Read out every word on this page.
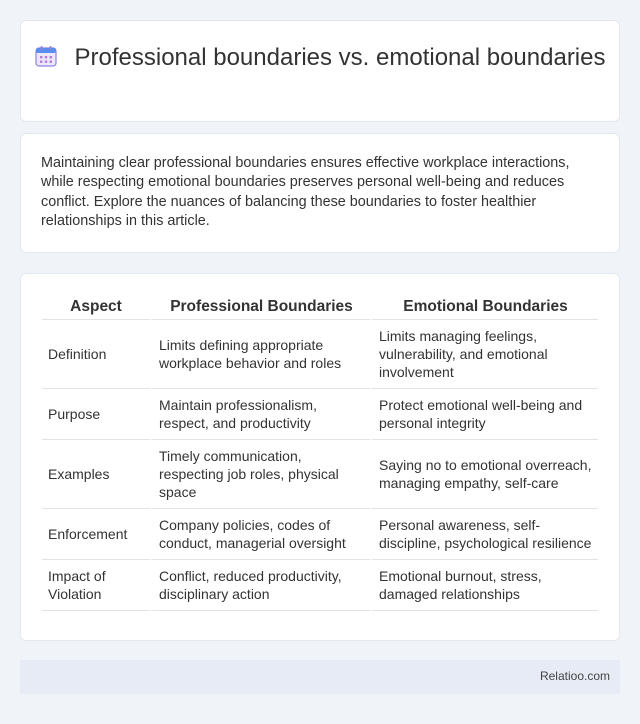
Professional boundaries vs. emotional boundaries
Maintaining clear professional boundaries ensures effective workplace interactions, while respecting emotional boundaries preserves personal well-being and reduces conflict. Explore the nuances of balancing these boundaries to foster healthier relationships in this article.
Aspect	Professional Boundaries	Emotional Boundaries
Definition	Limits defining appropriate workplace behavior and roles	Limits managing feelings, vulnerability, and emotional involvement
Purpose	Maintain professionalism, respect, and productivity	Protect emotional well-being and personal integrity
Examples	Timely communication, respecting job roles, physical space	Saying no to emotional overreach, managing empathy, self-care
Enforcement	Company policies, codes of conduct, managerial oversight	Personal awareness, self-discipline, psychological resilience
Impact of Violation	Conflict, reduced productivity, disciplinary action	Emotional burnout, stress, damaged relationships
Relatioo.com
